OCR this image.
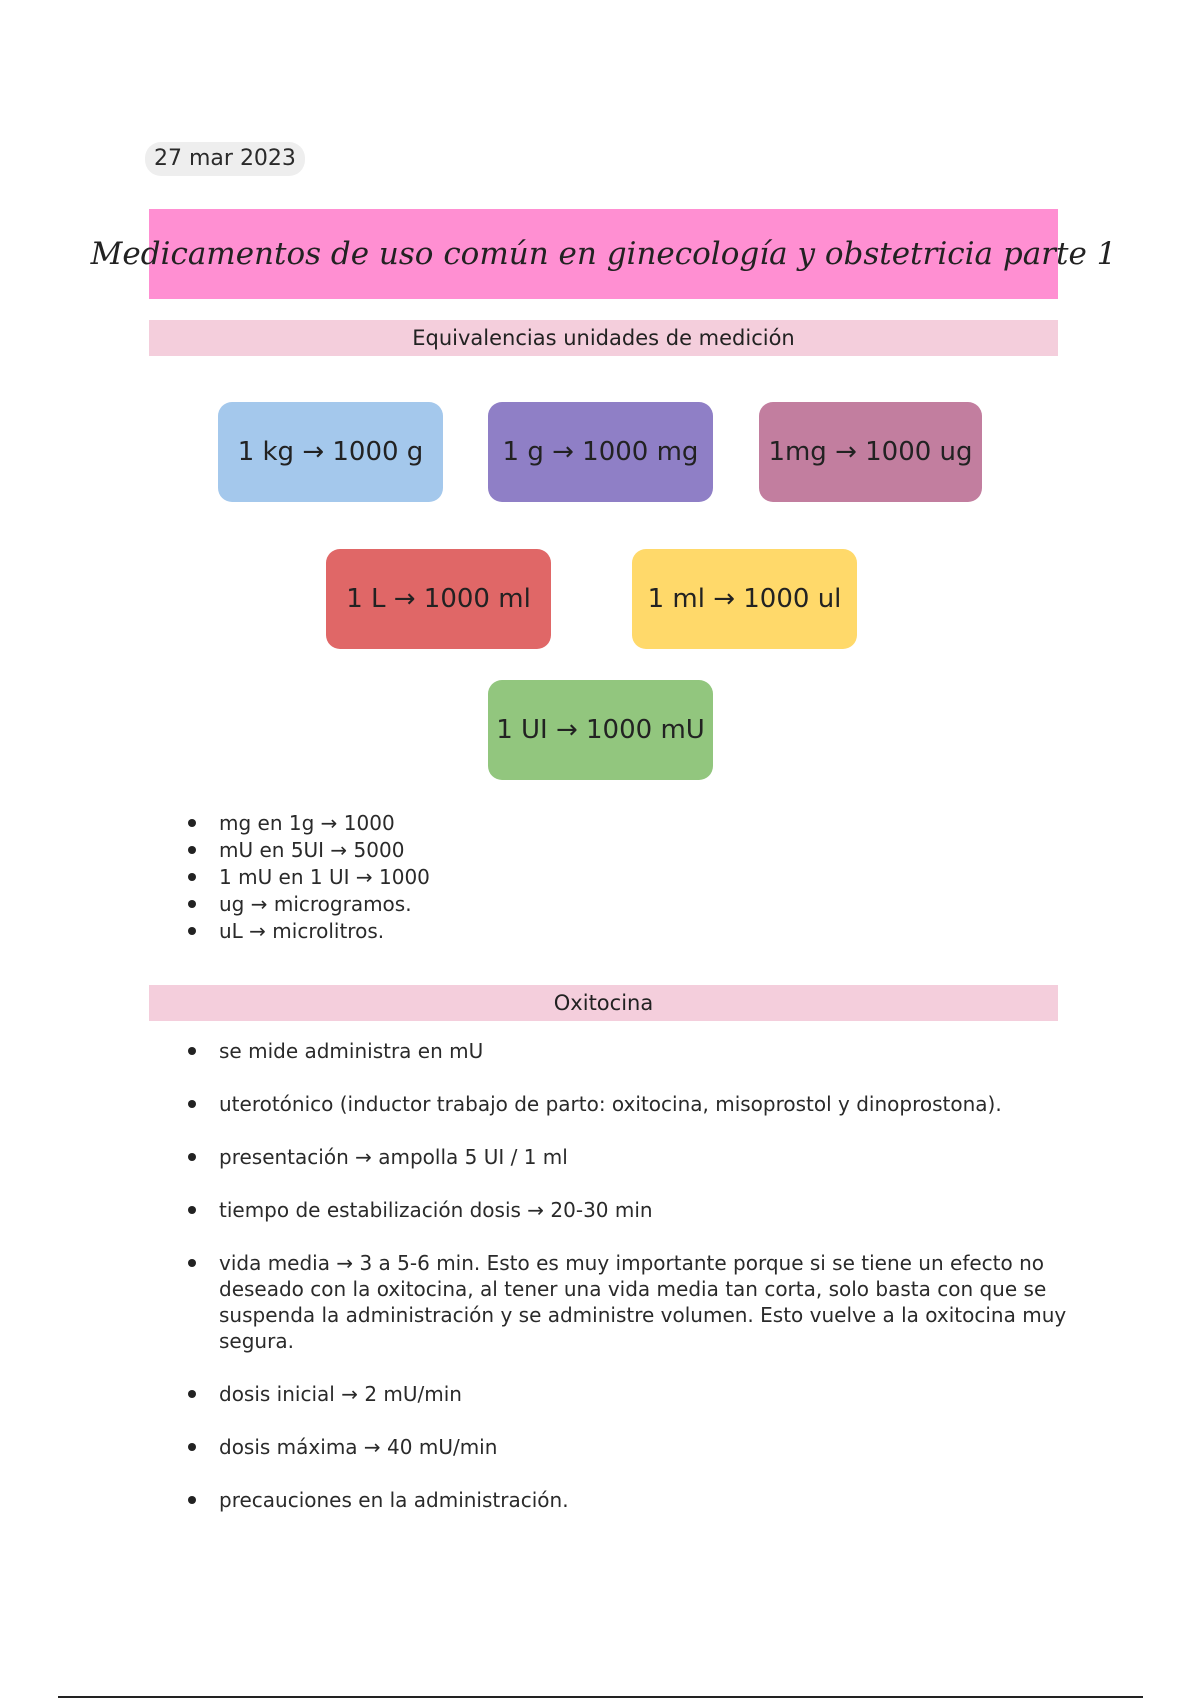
27 mar 2023
Medicamentos de uso común en ginecología y obstetricia parte 1
Equivalencias unidades de medición
1 kg → 1000 g	1 g → 1000 mg	1mg → 1000 ug
1 L → 1000 ml	1 ml → 1000 ul
1 UI → 1000 mU
mg en 1g → 1000
mU en 5UI → 5000
1 mU en 1 UI → 1000
ug → microgramos.
uL → microlitros.
Oxitocina
se mide administra en mU
uterotónico (inductor trabajo de parto: oxitocina, misoprostol y dinoprostona).
presentación → ampolla 5 UI / 1 ml
tiempo de estabilización dosis → 20-30 min
vida media → 3 a 5-6 min. Esto es muy importante porque si se tiene un efecto no deseado con la oxitocina, al tener una vida media tan corta, solo basta con que se suspenda la administración y se administre volumen. Esto vuelve a la oxitocina muy segura.
dosis inicial → 2 mU/min
dosis máxima → 40 mU/min
precauciones en la administración.
